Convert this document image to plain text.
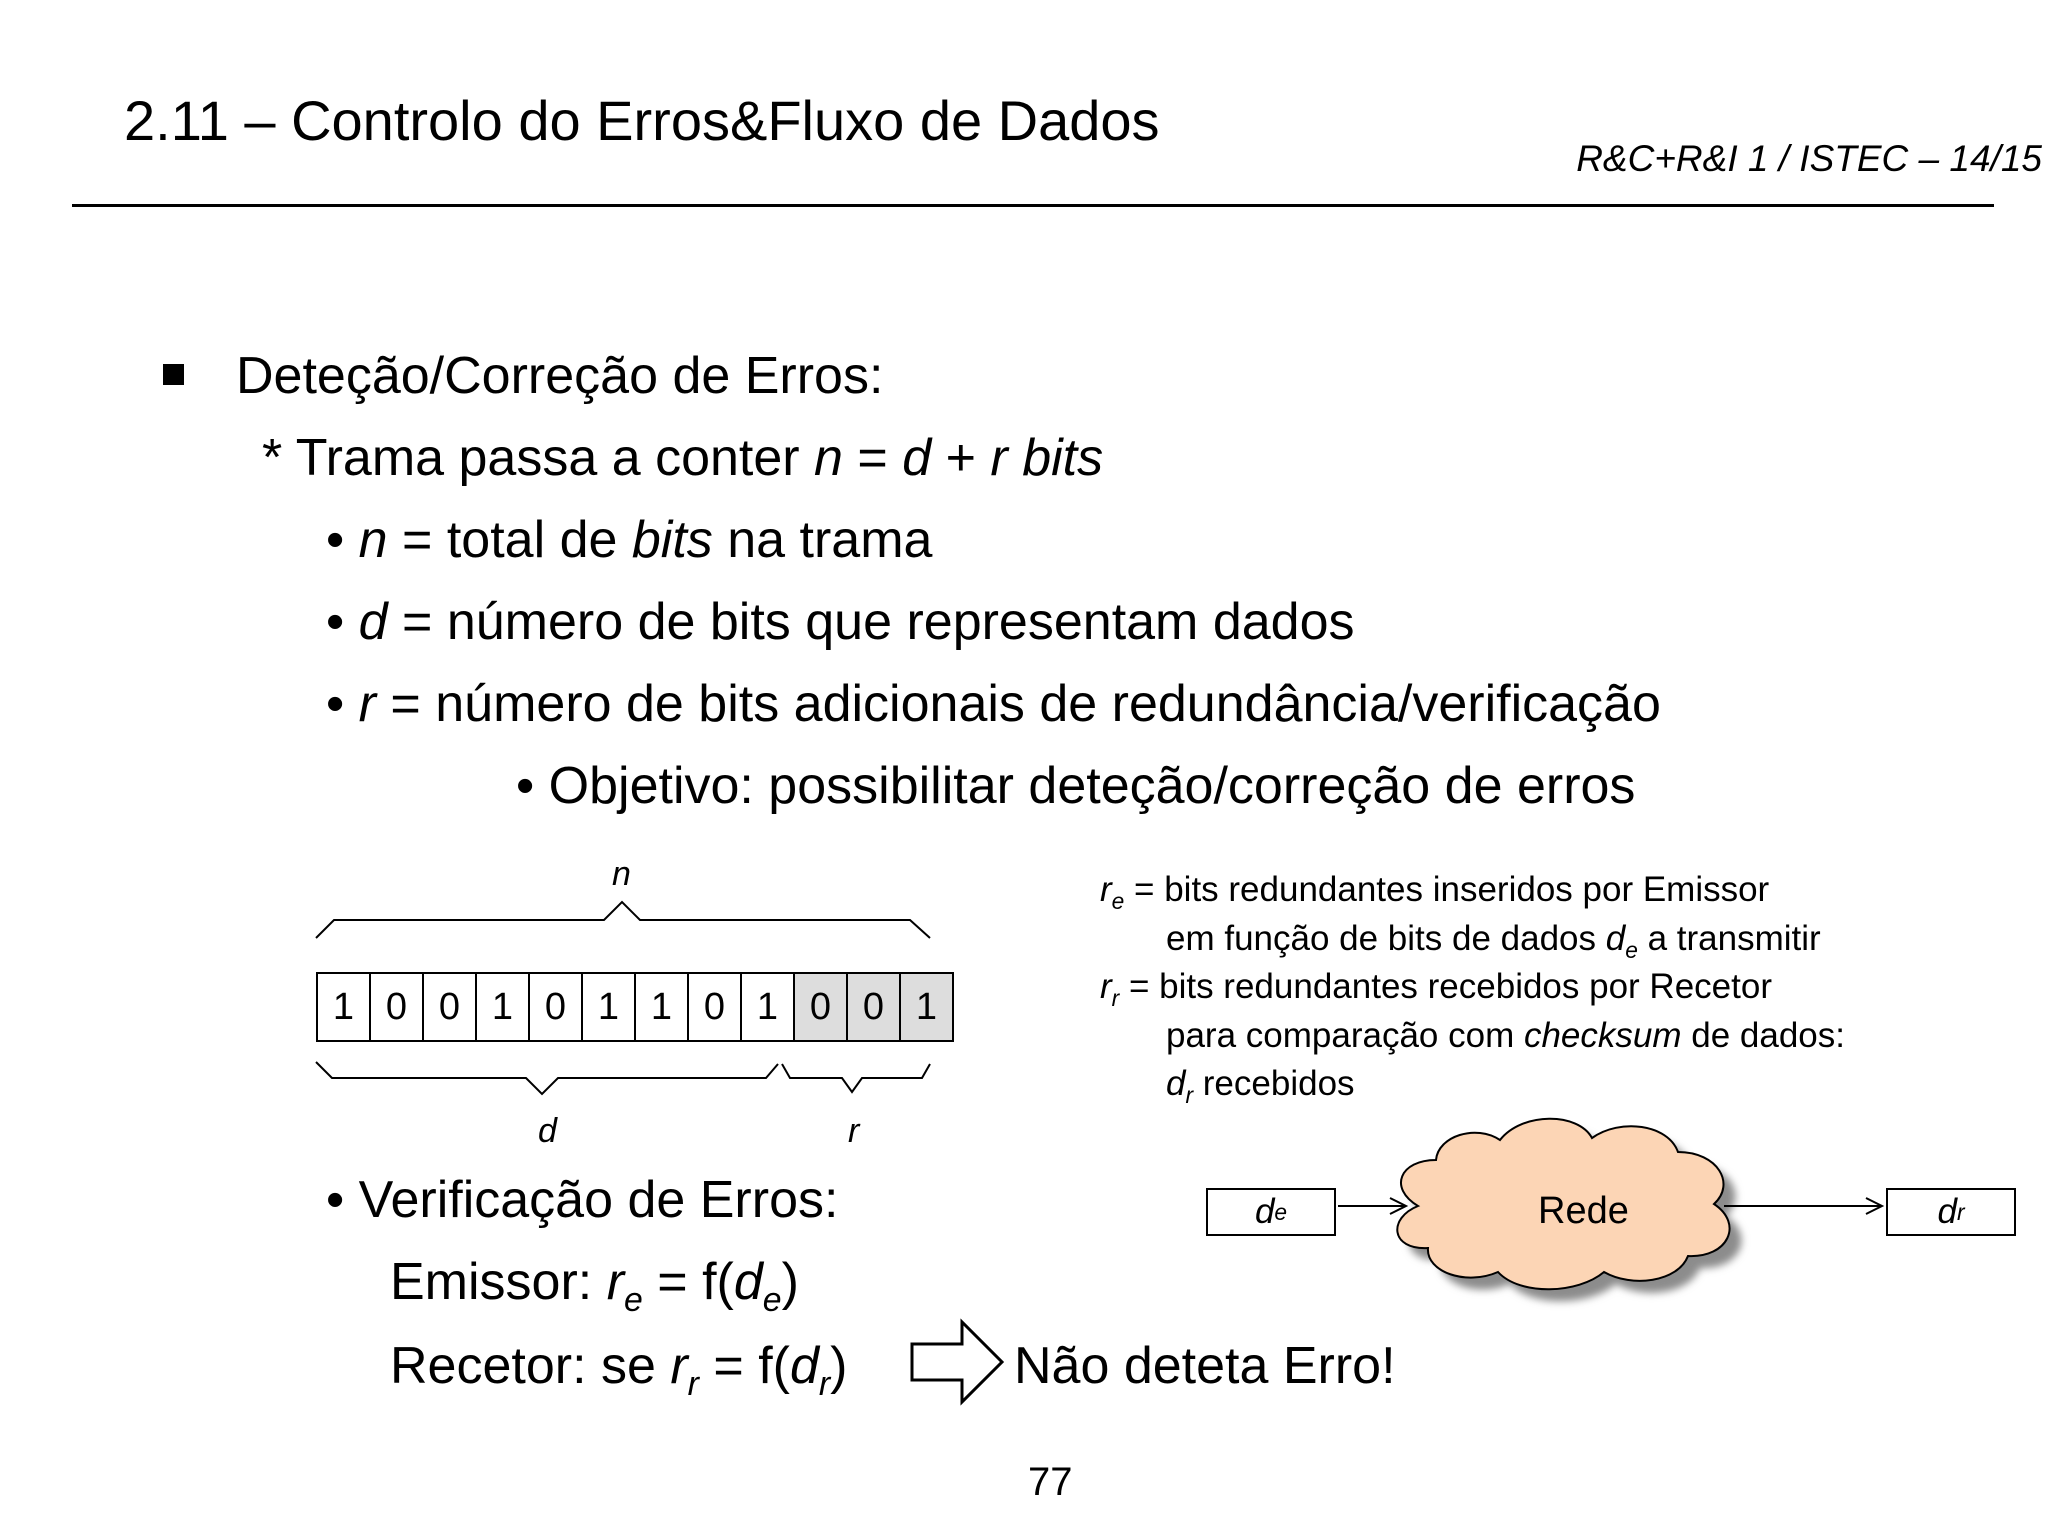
2.11 – Controlo do Erros&Fluxo de Dados
R&C+R&I 1 / ISTEC – 14/15
Deteção/Correção de Erros:
* Trama passa a conter n = d + r bits
• n = total de bits na trama
• d = número de bits que representam dados
• r = número de bits adicionais de redundância/verificação
• Objetivo: possibilitar deteção/correção de erros
n
1 0 0 1 0 1 1 0 1 0 0 1
d	r
$r_e$ = bits redundantes inseridos por Emissor
em função de bits de dados $d_e$ a transmitir
$r_r$ = bits redundantes recebidos por Recetor
para comparação com checksum de dados:
$d_r$ recebidos
d e	Rede	d r
• Verificação de Erros:
Emissor: $r_e = f(d_e)$
Recetor: se $r_r = f(d_r)$	Não deteta Erro!
77
